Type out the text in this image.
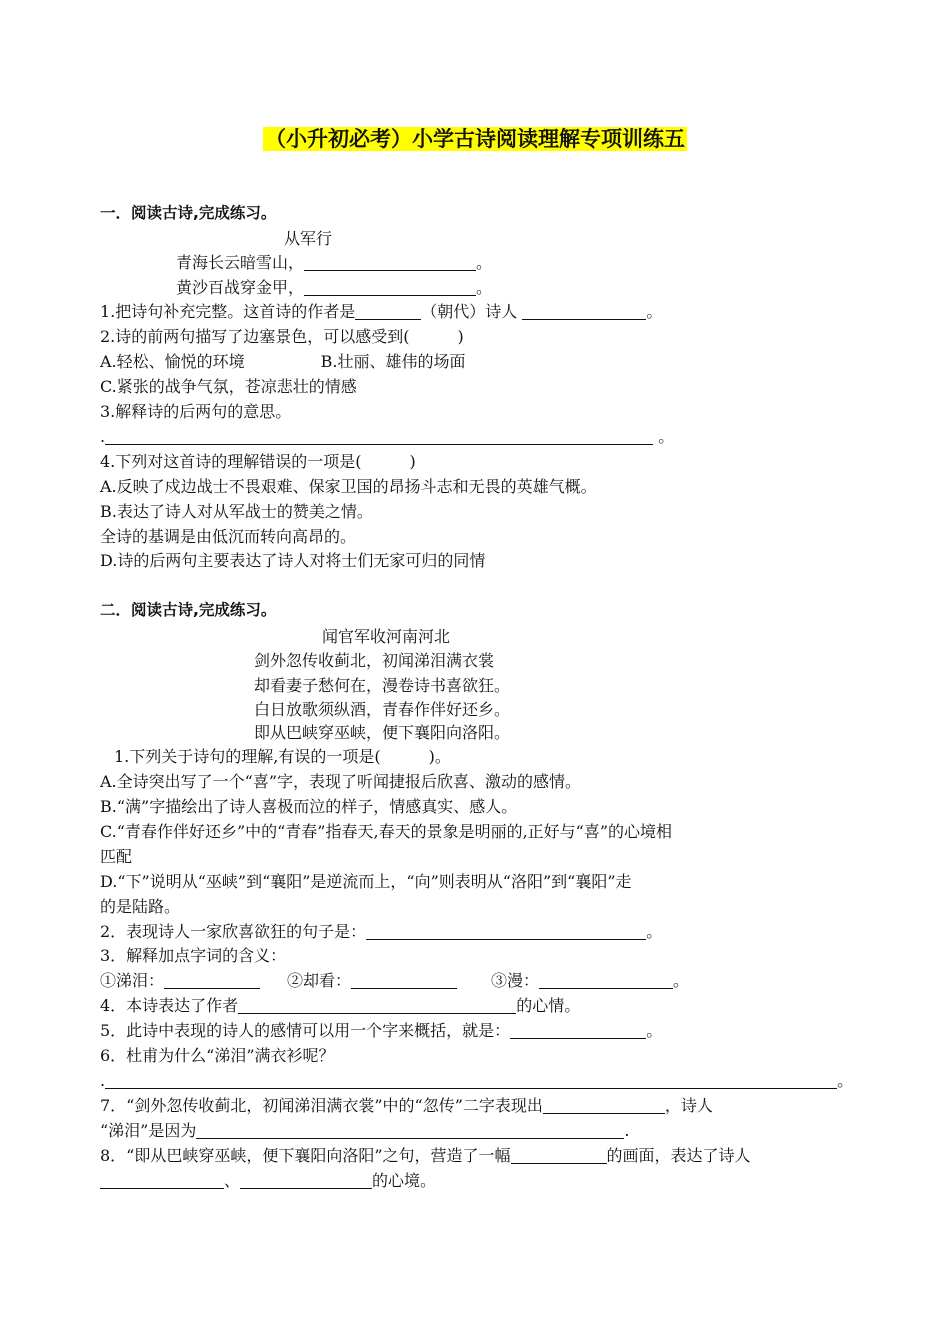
（小升初必考）小学古诗阅读理解专项训练五
一．阅读古诗,完成练习。
从军行
青海长云暗雪山，	。
黄沙百战穿金甲，	。
1.把诗句补充完整。这首诗的作者是	（朝代）诗人	。
2.诗的前两句描写了边塞景色，可以感受到(　　　)
A.轻松、愉悦的环境	B.壮丽、雄伟的场面
C.紧张的战争气氛，苍凉悲壮的情感
3.解释诗的后两句的意思。
.	。
4.下列对这首诗的理解错误的一项是(　　　)
A.反映了戍边战士不畏艰难、保家卫国的昂扬斗志和无畏的英雄气概。
B.表达了诗人对从军战士的赞美之情。
全诗的基调是由低沉而转向高昂的。
D.诗的后两句主要表达了诗人对将士们无家可归的同情
二．阅读古诗,完成练习。
闻官军收河南河北
剑外忽传收蓟北，初闻涕泪满衣裳
却看妻子愁何在，漫卷诗书喜欲狂。
白日放歌须纵酒，青春作伴好还乡。
即从巴峡穿巫峡，便下襄阳向洛阳。
1.下列关于诗句的理解,有误的一项是(　　　)。
A.全诗突出写了一个“喜”字，表现了听闻捷报后欣喜、激动的感情。
B.“满”字描绘出了诗人喜极而泣的样子，情感真实、感人。
C.“青春作伴好还乡”中的“青春”指春天,春天的景象是明丽的,正好与“喜”的心境相
匹配
D.“下”说明从“巫峡”到“襄阳”是逆流而上，“向”则表明从“洛阳”到“襄阳”走
的是陆路。
2．表现诗人一家欣喜欲狂的句子是：	。
3．解释加点字词的含义：
①涕泪：	②却看：	③漫：	。
4．本诗表达了作者	的心情。
5．此诗中表现的诗人的感情可以用一个字来概括，就是：	。
6．杜甫为什么“涕泪”满衣衫呢？
.	。
7．“剑外忽传收蓟北，初闻涕泪满衣裳”中的“忽传”二字表现出	，诗人
“涕泪”是因为	.
8．“即从巴峡穿巫峡，便下襄阳向洛阳”之句，营造了一幅	的画面，表达了诗人
、	的心境。
